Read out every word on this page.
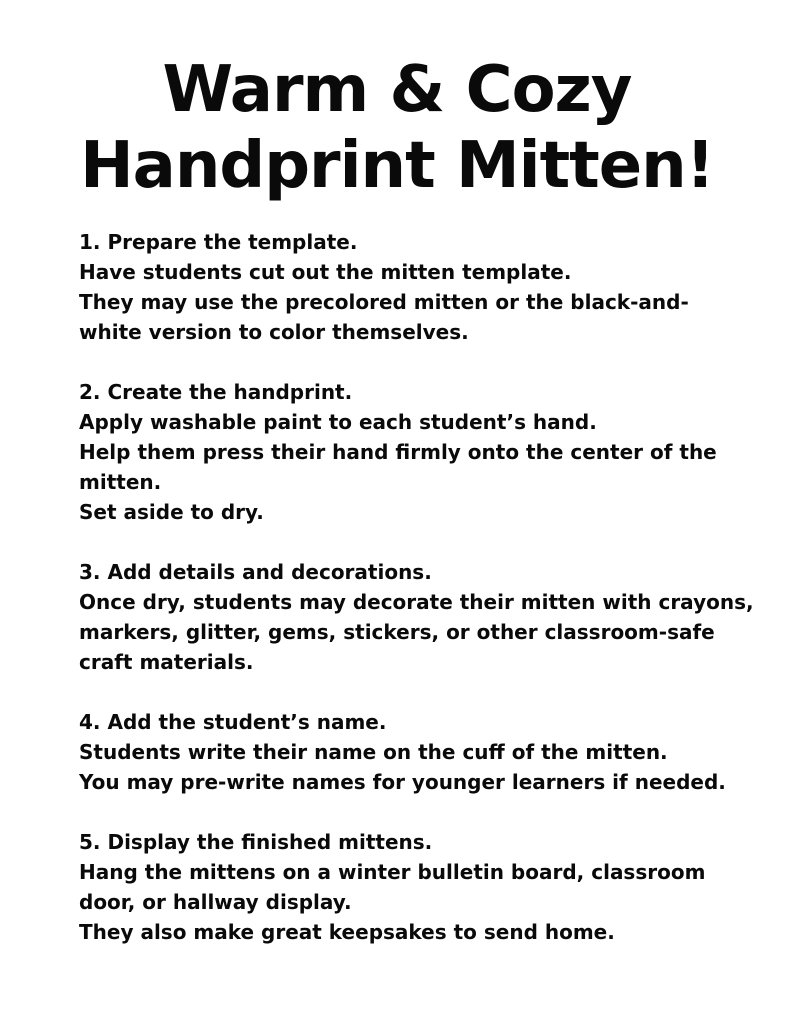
Warm & Cozy
Handprint Mitten!
1. Prepare the template.
Have students cut out the mitten template.
They may use the precolored mitten or the black-and-
white version to color themselves.
2. Create the handprint.
Apply washable paint to each student’s hand.
Help them press their hand firmly onto the center of the
mitten.
Set aside to dry.
3. Add details and decorations.
Once dry, students may decorate their mitten with crayons,
markers, glitter, gems, stickers, or other classroom-safe
craft materials.
4. Add the student’s name.
Students write their name on the cuff of the mitten.
You may pre-write names for younger learners if needed.
5. Display the finished mittens.
Hang the mittens on a winter bulletin board, classroom
door, or hallway display.
They also make great keepsakes to send home.
